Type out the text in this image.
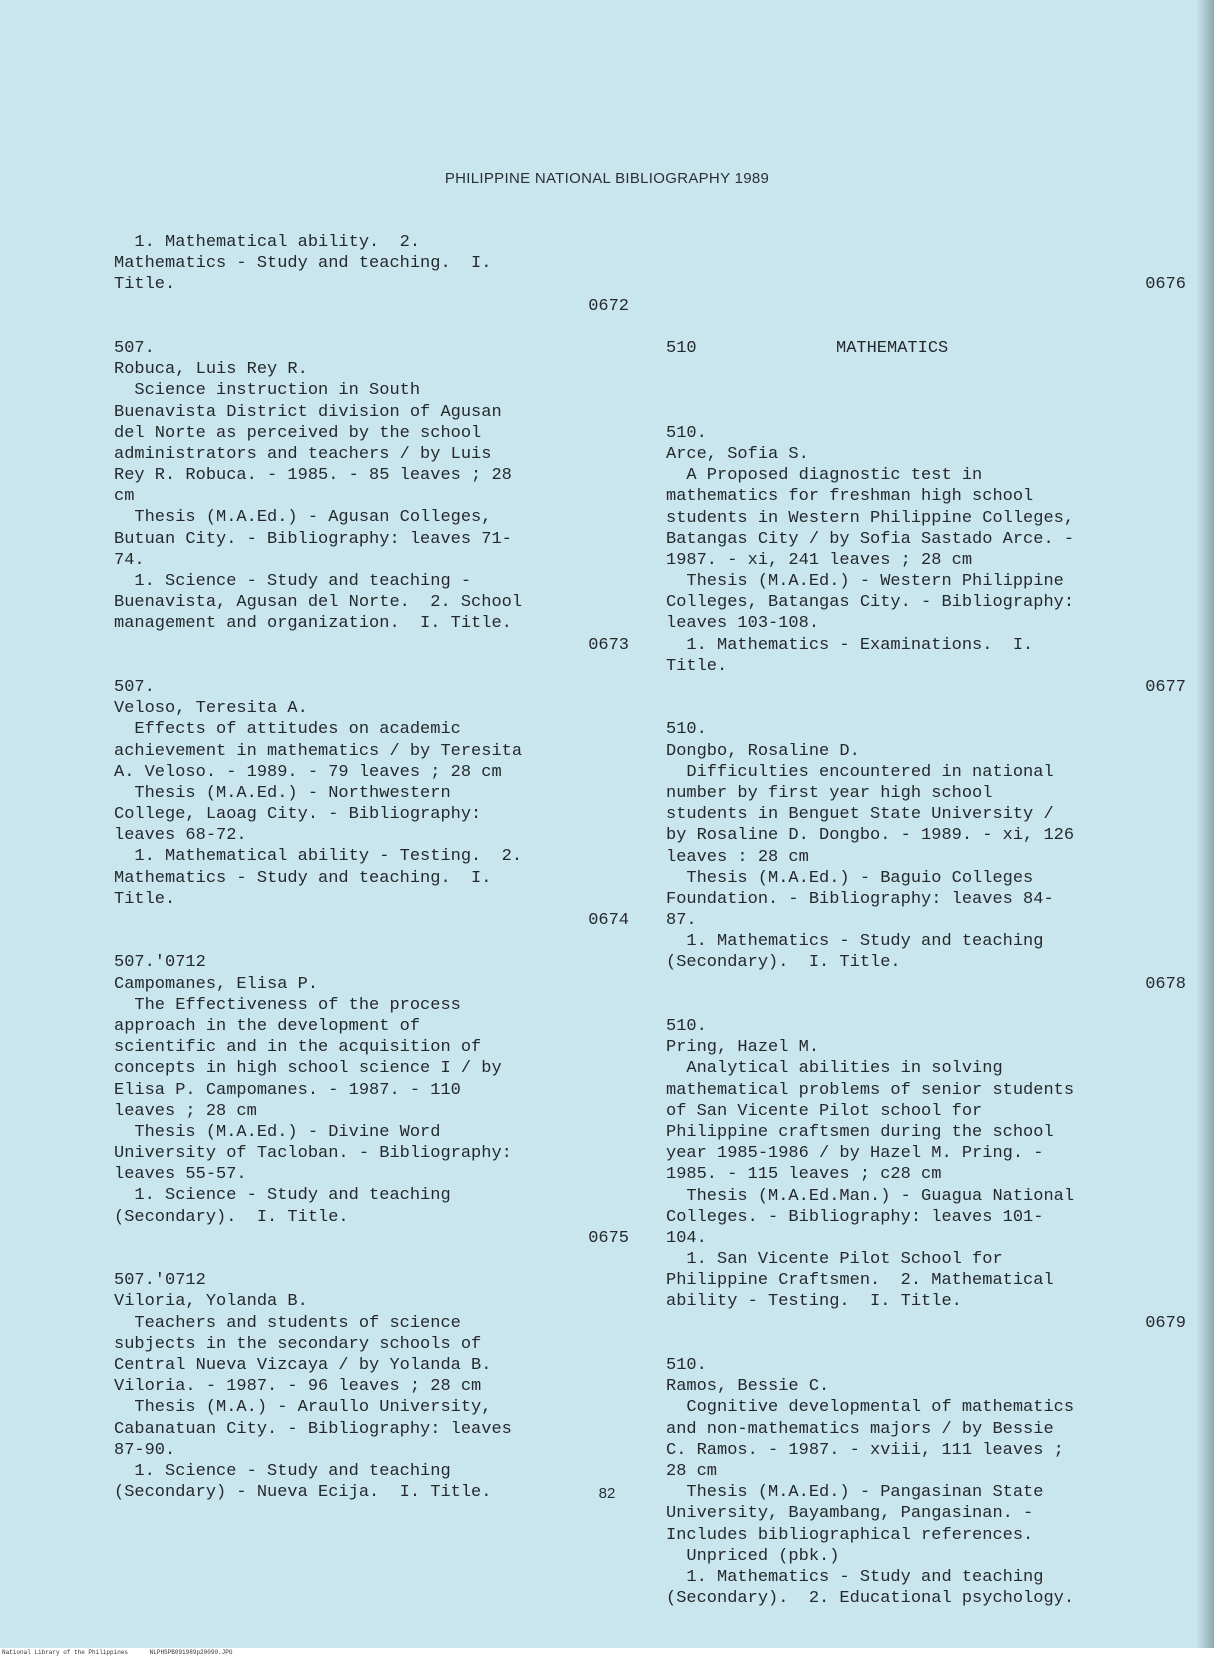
PHILIPPINE NATIONAL BIBLIOGRAPHY 1989
1. Mathematical ability.  2.
Mathematics - Study and teaching.  I.
Title.
0672
507.
Robuca, Luis Rey R.
Science instruction in South
Buenavista District division of Agusan
del Norte as perceived by the school
administrators and teachers / by Luis
Rey R. Robuca. - 1985. - 85 leaves ; 28
cm
Thesis (M.A.Ed.) - Agusan Colleges,
Butuan City. - Bibliography: leaves 71-
74.
1. Science - Study and teaching -
Buenavista, Agusan del Norte.  2. School
management and organization.  I. Title.
0673
507.
Veloso, Teresita A.
Effects of attitudes on academic
achievement in mathematics / by Teresita
A. Veloso. - 1989. - 79 leaves ; 28 cm
Thesis (M.A.Ed.) - Northwestern
College, Laoag City. - Bibliography:
leaves 68-72.
1. Mathematical ability - Testing.  2.
Mathematics - Study and teaching.  I.
Title.
0674
507.'0712
Campomanes, Elisa P.
The Effectiveness of the process
approach in the development of
scientific and in the acquisition of
concepts in high school science I / by
Elisa P. Campomanes. - 1987. - 110
leaves ; 28 cm
Thesis (M.A.Ed.) - Divine Word
University of Tacloban. - Bibliography:
leaves 55-57.
1. Science - Study and teaching
(Secondary).  I. Title.
0675
507.'0712
Viloria, Yolanda B.
Teachers and students of science
subjects in the secondary schools of
Central Nueva Vizcaya / by Yolanda B.
Viloria. - 1987. - 96 leaves ; 28 cm
Thesis (M.A.) - Araullo University,
Cabanatuan City. - Bibliography: leaves
87-90.
1. Science - Study and teaching
(Secondary) - Nueva Ecija.  I. Title.

0676

510	MATHEMATICS

510.
Arce, Sofia S.
A Proposed diagnostic test in
mathematics for freshman high school
students in Western Philippine Colleges,
Batangas City / by Sofia Sastado Arce. -
1987. - xi, 241 leaves ; 28 cm
Thesis (M.A.Ed.) - Western Philippine
Colleges, Batangas City. - Bibliography:
leaves 103-108.
1. Mathematics - Examinations.  I.
Title.
0677
510.
Dongbo, Rosaline D.
Difficulties encountered in national
number by first year high school
students in Benguet State University /
by Rosaline D. Dongbo. - 1989. - xi, 126
leaves : 28 cm
Thesis (M.A.Ed.) - Baguio Colleges
Foundation. - Bibliography: leaves 84-
87.
1. Mathematics - Study and teaching
(Secondary).  I. Title.
0678
510.
Pring, Hazel M.
Analytical abilities in solving
mathematical problems of senior students
of San Vicente Pilot school for
Philippine craftsmen during the school
year 1985-1986 / by Hazel M. Pring. -
1985. - 115 leaves ; c28 cm
Thesis (M.A.Ed.Man.) - Guagua National
Colleges. - Bibliography: leaves 101-
104.
1. San Vicente Pilot School for
Philippine Craftsmen.  2. Mathematical
ability - Testing.  I. Title.
0679
510.
Ramos, Bessie C.
Cognitive developmental of mathematics
and non-mathematics majors / by Bessie
C. Ramos. - 1987. - xviii, 111 leaves ;
28 cm
Thesis (M.A.Ed.) - Pangasinan State
University, Bayambang, Pangasinan. -
Includes bibliographical references.
Unpriced (pbk.)
1. Mathematics - Study and teaching
(Secondary).  2. Educational psychology.

82
National Library of the Philippines	NLPHSPB091989p20090.JPG
